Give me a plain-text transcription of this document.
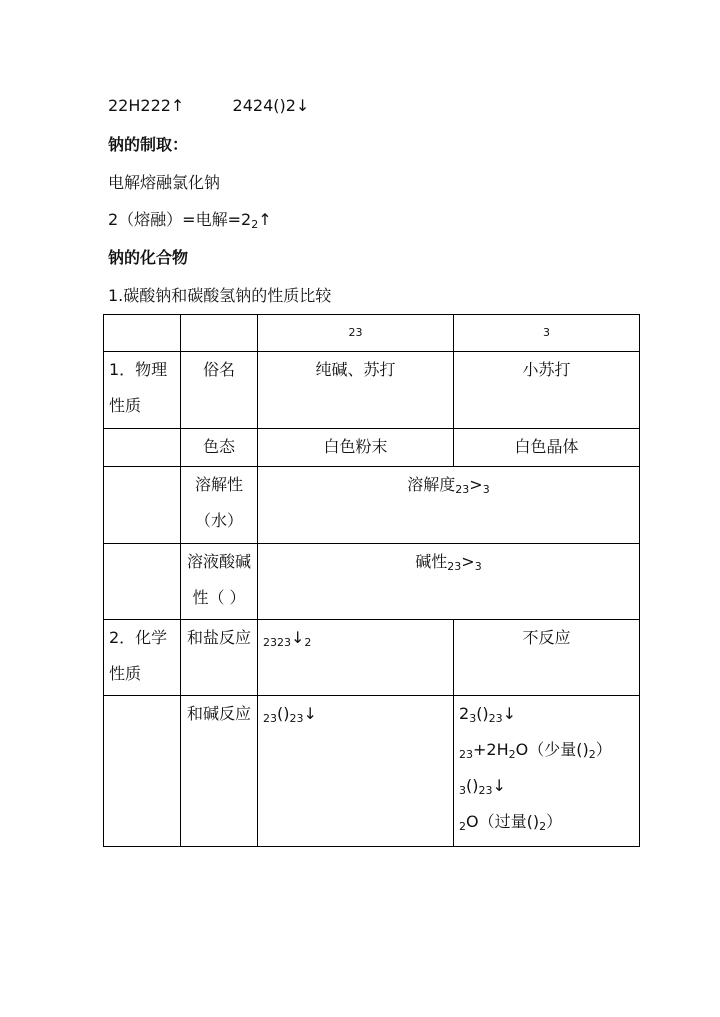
22H222↑	2424()2↓
钠的制取：
电解熔融氯化钠
2（熔融）=电解$=2_2↑$
钠的化合物
1.碳酸钠和碳酸氢钠的性质比较
		23	3
1．物理性质	俗名	纯碱、苏打	小苏打
	色态	白色粉末	白色晶体
	溶解性（水）	溶解度$_{23}>_3$
	溶液酸碱性（ ）	碱性$_{23}>_3$
2．化学性质	和盐反应	$_{2323}↓_2$	不反应
	和碱反应	$_{23}()_{23}↓$	$2_3()_{23}↓$
$_{23}+2H_2O$（少量$()_2$）
$_3()_{23}↓$
$_2$O（过量$()_2$）
